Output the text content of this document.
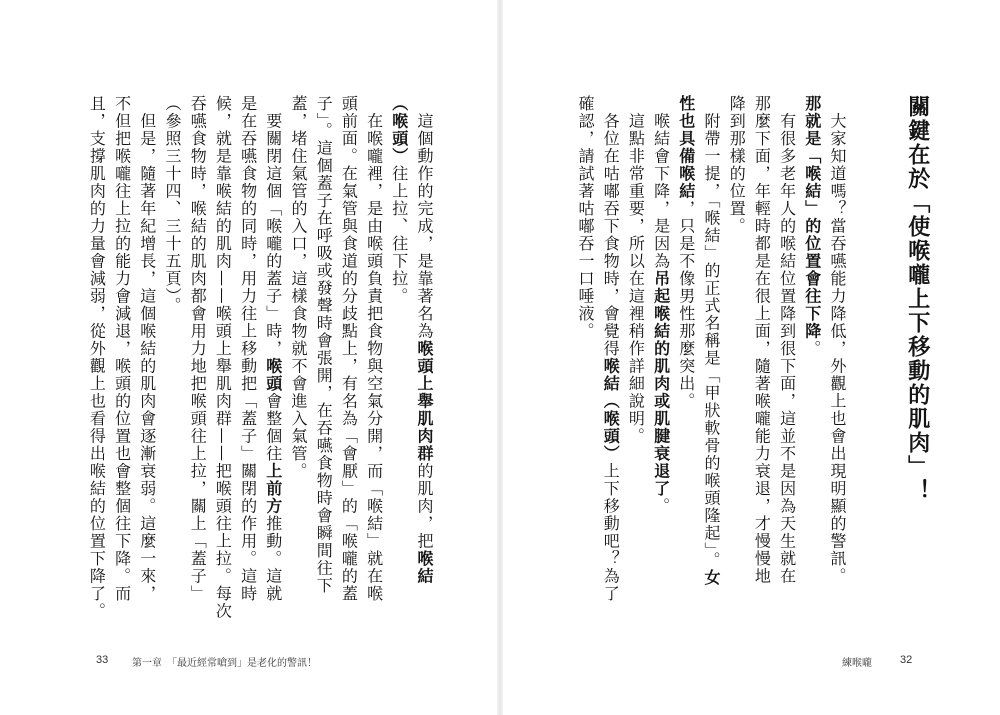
關鍵在於「使喉嚨上下移動的肌肉」！

　大家知道嗎？當吞嚥能力降低，外觀上也會出現明顯的警訊。

那就是「喉結」的位置會往下降。

　有很多老年人的喉結位置降到很下面，這並不是因為天生就在

那麼下面，年輕時都是在很上面，隨著喉嚨能力衰退，才慢慢地

降到那樣的位置。

　附帶一提，「喉結」的正式名稱是「甲狀軟骨的喉頭隆起」。女

性也具備喉結，只是不像男性那麼突出。

　喉結會下降，是因為吊起喉結的肌肉或肌腱衰退了。

　這點非常重要，所以在這裡稍作詳細說明。

　各位在咕嘟吞下食物時，會覺得喉結（喉頭）上下移動吧？為了

確認，請試著咕嘟吞一口唾液。

　這個動作的完成，是靠著名為喉頭上舉肌肉群的肌肉，把喉結

（喉頭）往上拉、往下拉。

　在喉嚨裡，是由喉頭負責把食物與空氣分開，而「喉結」就在喉

頭前面。在氣管與食道的分歧點上，有名為「會厭」的「喉嚨的蓋

子」。這個蓋子在呼吸或發聲時會張開，在吞嚥食物時會瞬間往下

蓋，堵住氣管的入口，這樣食物就不會進入氣管。

　要關閉這個「喉嚨的蓋子」時，喉頭會整個往上前方推動。這就

是在吞嚥食物的同時，用力往上移動把「蓋子」關閉的作用。這時

候，就是靠喉結的肌肉——喉頭上舉肌肉群——把喉頭往上拉。每次

吞嚥食物時，喉結的肌肉都會用力地把喉頭往上拉，關上「蓋子」

（參照三十四、三十五頁）。

　但是，隨著年紀增長，這個喉結的肌肉會逐漸衰弱。這麼一來，

不但把喉嚨往上拉的能力會減退，喉頭的位置也會整個往下降。而

且，支撐肌肉的力量會減弱，從外觀上也看得出喉結的位置下降了。

33 第一章　「最近經常嗆到」是老化的警訊！	練喉嚨	32
